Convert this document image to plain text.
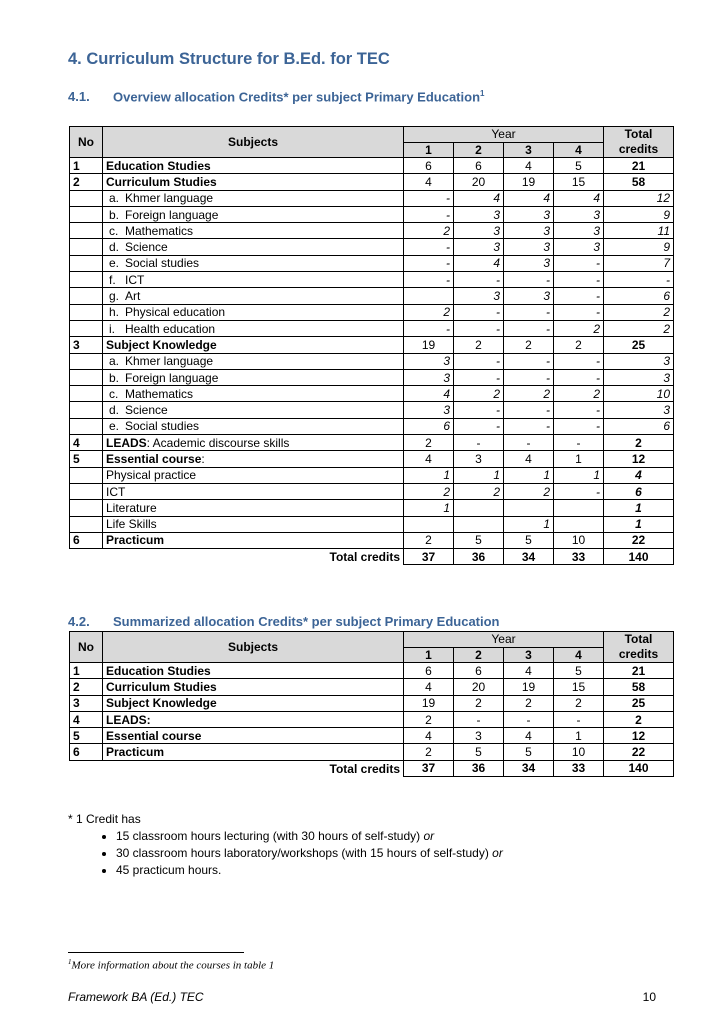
4. Curriculum Structure for B.Ed. for TEC
4.1. Overview allocation Credits* per subject Primary Education$^1$
No	Subjects	Year				Total credits
		1	2	3	4	
1	Education Studies	6	6	4	5	21
2	Curriculum Studies	4	20	19	15	58
	a. Khmer language	-	4	4	4	12
	b. Foreign language	-	3	3	3	9
	c. Mathematics	2	3	3	3	11
	d. Science	-	3	3	3	9
	e. Social studies	-	4	3	-	7
	f. ICT	-	-	-	-	-
	g. Art		3	3	-	6
	h. Physical education	2	-	-	-	2
	i. Health education	-	-	-	2	2
3	Subject Knowledge	19	2	2	2	25
	a. Khmer language	3	-	-	-	3
	b. Foreign language	3	-	-	-	3
	c. Mathematics	4	2	2	2	10
	d. Science	3	-	-	-	3
	e. Social studies	6	-	-	-	6
4	LEADS: Academic discourse skills	2	-	-	-	2
5	Essential course:	4	3	4	1	12
	Physical practice	1	1	1	1	4
	ICT	2	2	2	-	6
	Literature	1				1
	Life Skills			1		1
6	Practicum	2	5	5	10	22
Total credits		37	36	34	33	140
4.2. Summarized allocation Credits* per subject Primary Education
No	Subjects	Year				Total credits
		1	2	3	4	
1	Education Studies	6	6	4	5	21
2	Curriculum Studies	4	20	19	15	58
3	Subject Knowledge	19	2	2	2	25
4	LEADS:	2	-	-	-	2
5	Essential course	4	3	4	1	12
6	Practicum	2	5	5	10	22
Total credits		37	36	34	33	140
* 1 Credit has
• 15 classroom hours lecturing (with 30 hours of self-study) or
• 30 classroom hours laboratory/workshops (with 15 hours of self-study) or
• 45 practicum hours.
$^1$More information about the courses in table 1
Framework BA (Ed.) TEC	10
